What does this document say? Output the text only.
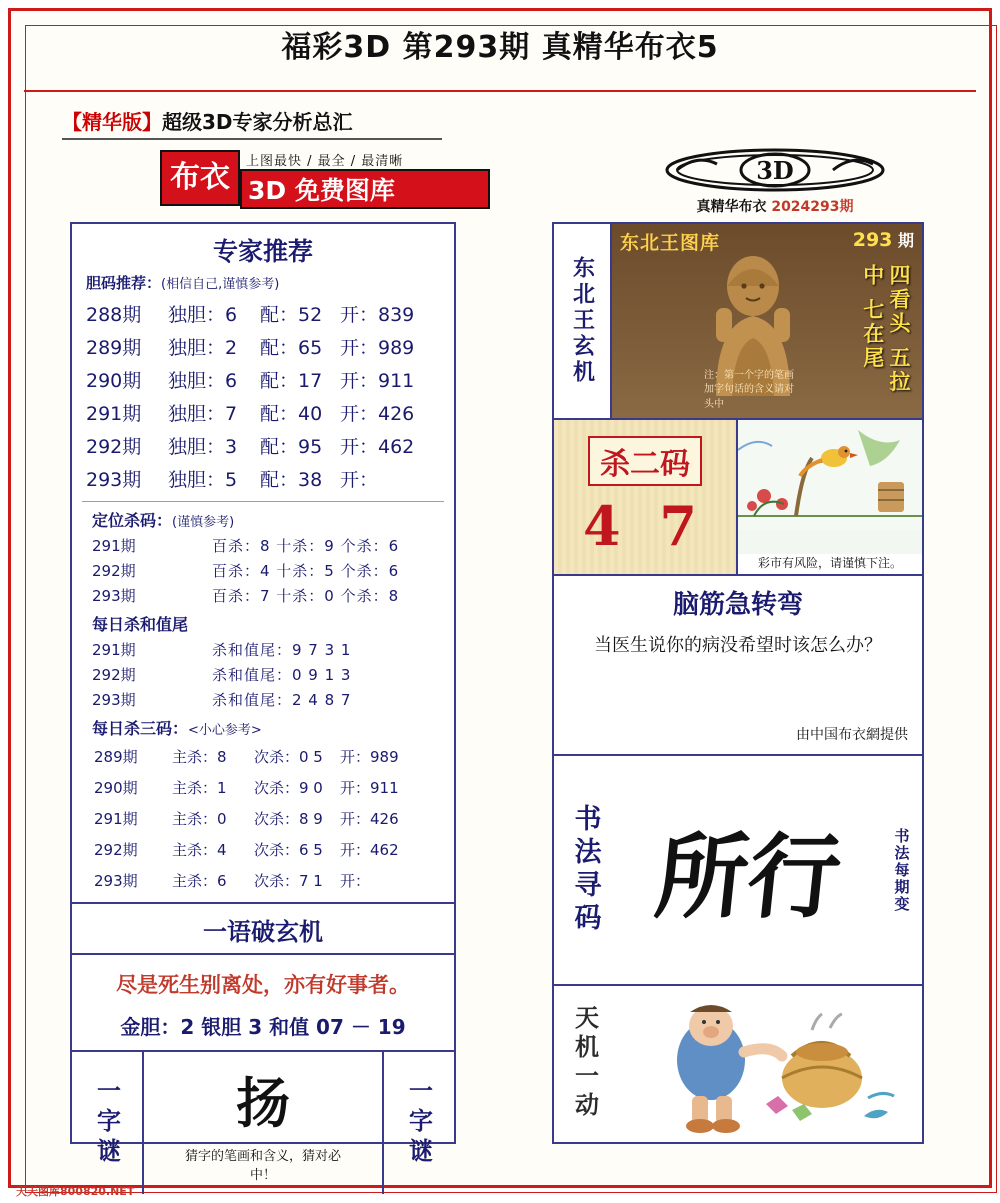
福彩3D 第293期 真精华布衣5
【精华版】超级3D专家分析总汇
布衣	上图最快 / 最全 / 最清晰
3D 免费图库
3D
真精华布衣 2024293期
专家推荐
胆码推荐：(相信自己,谨慎参考)
288期	独胆：6	配：52 开：839
289期	独胆：2	配：65 开：989
290期	独胆：6	配：17 开：911
291期	独胆：7	配：40 开：426
292期	独胆：3	配：95 开：462
293期	独胆：5	配：38 开：
定位杀码：(谨慎参考)
291期	百杀：8 十杀：9 个杀：6
292期	百杀：4 十杀：5 个杀：6
293期	百杀：7 十杀：0 个杀：8
每日杀和值尾
291期	杀和值尾：9 7 3 1
292期	杀和值尾：0 9 1 3
293期	杀和值尾：2 4 8 7
每日杀三码：<小心参考>
289期	主杀：8	次杀：0 5	开：989
290期	主杀：1	次杀：9 0	开：911
291期	主杀：0	次杀：8 9	开：426
292期	主杀：4	次杀：6 5	开：462
293期	主杀：6	次杀：7 1	开：
一语破玄机
尽是死生别离处，亦有好事者。
金胆：2 银胆 3 和值 07 － 19
一字谜 扬
猜字的笔画和含义，猜对必中！
一字谜
东北王玄机
东北王图库	293 期
四看头 五拉中 七在尾
注：第一个字的笔画加字句话的含义请对头中
杀二码
4 7
彩市有风险，请谨慎下注。
脑筋急转弯
当医生说你的病没希望时该怎么办？
由中国布衣網提供
书法寻码 所行	书法每期变
天机一动
天天图库800820.NET
